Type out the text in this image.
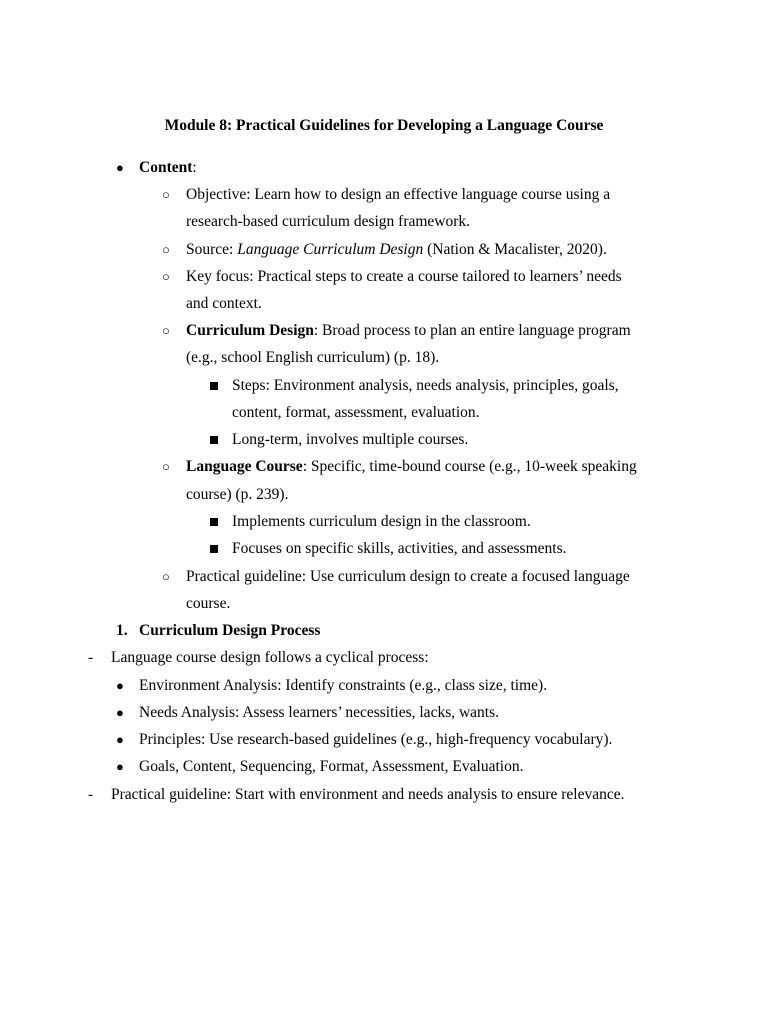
Module 8: Practical Guidelines for Developing a Language Course
● Content:
○ Objective: Learn how to design an effective language course using a
research-based curriculum design framework.
○ Source: Language Curriculum Design (Nation & Macalister, 2020).
○ Key focus: Practical steps to create a course tailored to learners’ needs
and context.
○ Curriculum Design: Broad process to plan an entire language program
(e.g., school English curriculum) (p. 18).
Steps: Environment analysis, needs analysis, principles, goals,
content, format, assessment, evaluation.
Long-term, involves multiple courses.
○ Language Course: Specific, time-bound course (e.g., 10-week speaking
course) (p. 239).
Implements curriculum design in the classroom.
Focuses on specific skills, activities, and assessments.
○ Practical guideline: Use curriculum design to create a focused language
course.
1. Curriculum Design Process
- Language course design follows a cyclical process:
● Environment Analysis: Identify constraints (e.g., class size, time).
● Needs Analysis: Assess learners’ necessities, lacks, wants.
● Principles: Use research-based guidelines (e.g., high-frequency vocabulary).
● Goals, Content, Sequencing, Format, Assessment, Evaluation.
- Practical guideline: Start with environment and needs analysis to ensure relevance.
